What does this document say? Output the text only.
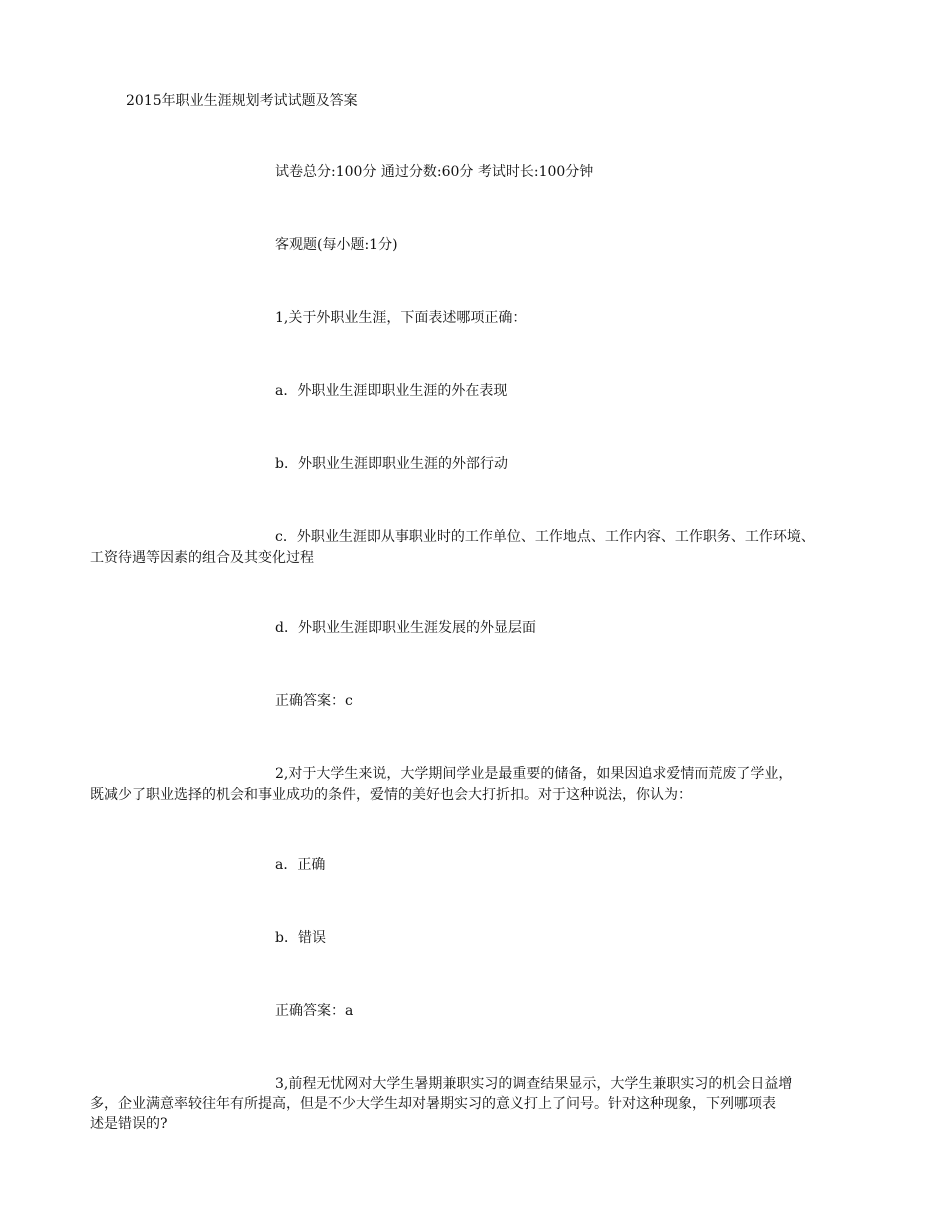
2015年职业生涯规划考试试题及答案
试卷总分:100分 通过分数:60分 考试时长:100分钟
客观题(每小题:1分)
1,关于外职业生涯，下面表述哪项正确：
a．外职业生涯即职业生涯的外在表现
b．外职业生涯即职业生涯的外部行动
c．外职业生涯即从事职业时的工作单位、工作地点、工作内容、工作职务、工作环境、
工资待遇等因素的组合及其变化过程
d．外职业生涯即职业生涯发展的外显层面
正确答案：c
2,对于大学生来说，大学期间学业是最重要的储备，如果因追求爱情而荒废了学业，
既减少了职业选择的机会和事业成功的条件，爱情的美好也会大打折扣。对于这种说法，你认为：
a．正确
b．错误
正确答案：a
3,前程无忧网对大学生暑期兼职实习的调查结果显示，大学生兼职实习的机会日益增
多，企业满意率较往年有所提高，但是不少大学生却对暑期实习的意义打上了问号。针对这种现象，下列哪项表
述是错误的?
